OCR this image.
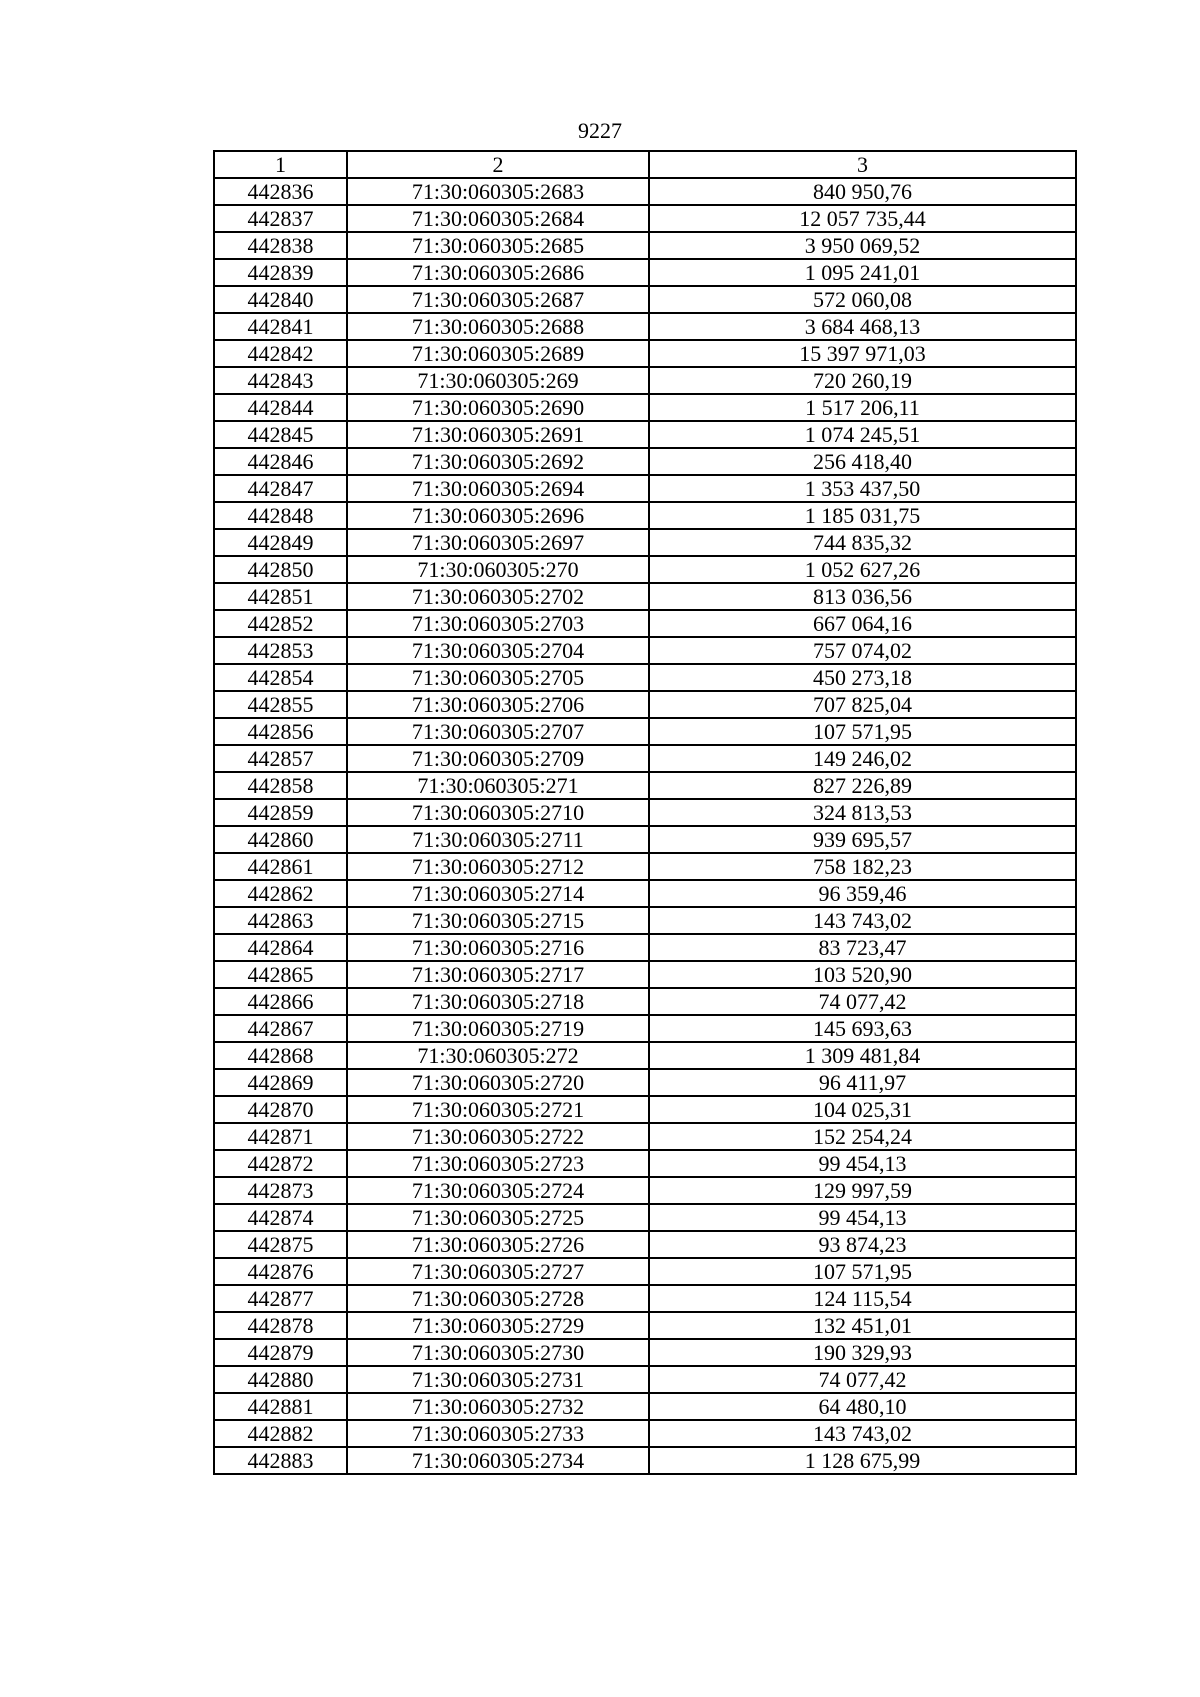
9227
1	2	3
442836	71:30:060305:2683	840 950,76
442837	71:30:060305:2684	12 057 735,44
442838	71:30:060305:2685	3 950 069,52
442839	71:30:060305:2686	1 095 241,01
442840	71:30:060305:2687	572 060,08
442841	71:30:060305:2688	3 684 468,13
442842	71:30:060305:2689	15 397 971,03
442843	71:30:060305:269	720 260,19
442844	71:30:060305:2690	1 517 206,11
442845	71:30:060305:2691	1 074 245,51
442846	71:30:060305:2692	256 418,40
442847	71:30:060305:2694	1 353 437,50
442848	71:30:060305:2696	1 185 031,75
442849	71:30:060305:2697	744 835,32
442850	71:30:060305:270	1 052 627,26
442851	71:30:060305:2702	813 036,56
442852	71:30:060305:2703	667 064,16
442853	71:30:060305:2704	757 074,02
442854	71:30:060305:2705	450 273,18
442855	71:30:060305:2706	707 825,04
442856	71:30:060305:2707	107 571,95
442857	71:30:060305:2709	149 246,02
442858	71:30:060305:271	827 226,89
442859	71:30:060305:2710	324 813,53
442860	71:30:060305:2711	939 695,57
442861	71:30:060305:2712	758 182,23
442862	71:30:060305:2714	96 359,46
442863	71:30:060305:2715	143 743,02
442864	71:30:060305:2716	83 723,47
442865	71:30:060305:2717	103 520,90
442866	71:30:060305:2718	74 077,42
442867	71:30:060305:2719	145 693,63
442868	71:30:060305:272	1 309 481,84
442869	71:30:060305:2720	96 411,97
442870	71:30:060305:2721	104 025,31
442871	71:30:060305:2722	152 254,24
442872	71:30:060305:2723	99 454,13
442873	71:30:060305:2724	129 997,59
442874	71:30:060305:2725	99 454,13
442875	71:30:060305:2726	93 874,23
442876	71:30:060305:2727	107 571,95
442877	71:30:060305:2728	124 115,54
442878	71:30:060305:2729	132 451,01
442879	71:30:060305:2730	190 329,93
442880	71:30:060305:2731	74 077,42
442881	71:30:060305:2732	64 480,10
442882	71:30:060305:2733	143 743,02
442883	71:30:060305:2734	1 128 675,99
